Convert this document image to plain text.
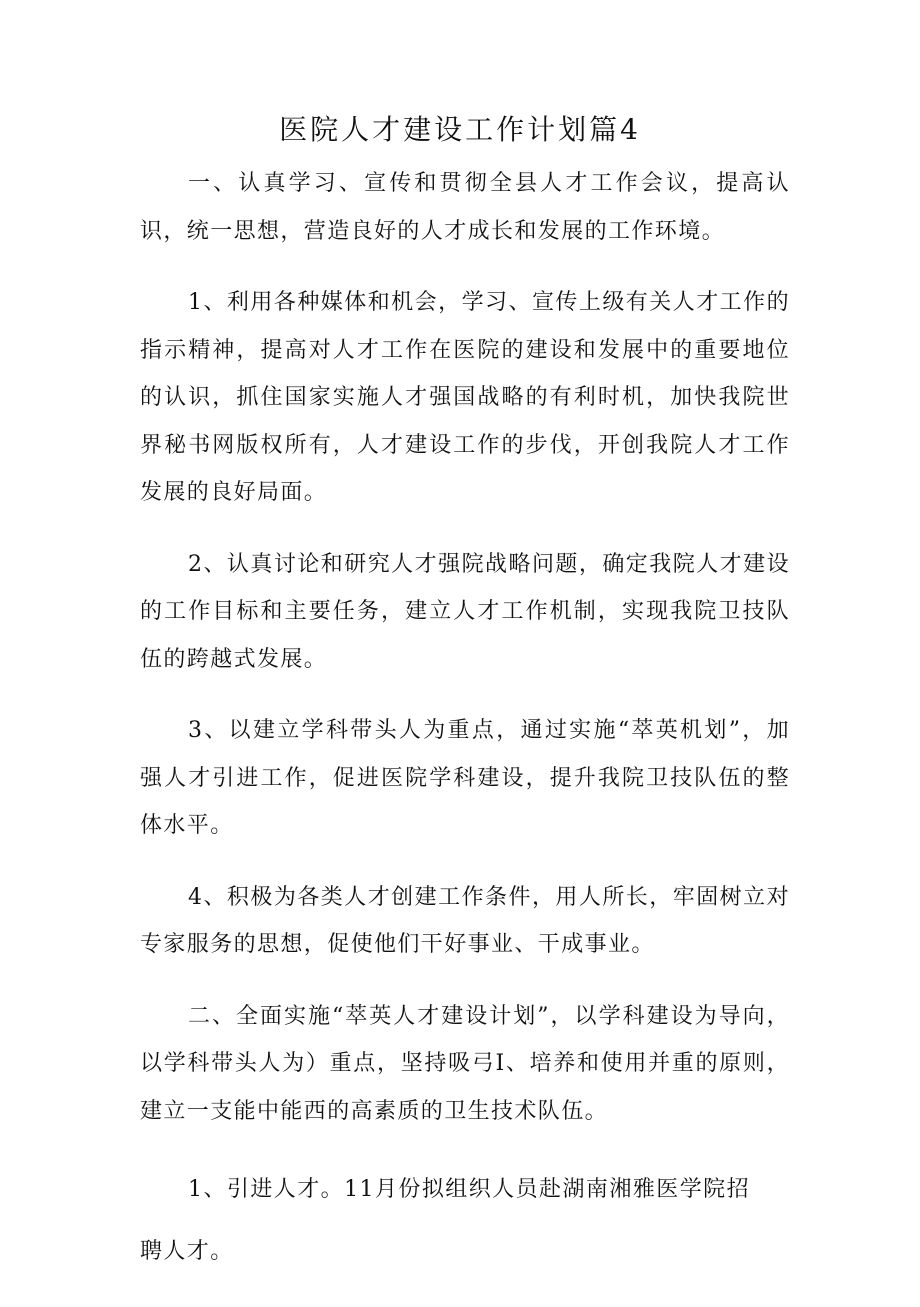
医院人才建设工作计划篇4

一、认真学习、宣传和贯彻全县人才工作会议，提高认识，统一思想，营造良好的人才成长和发展的工作环境。

1、利用各种媒体和机会，学习、宣传上级有关人才工作的指示精神，提高对人才工作在医院的建设和发展中的重要地位的认识，抓住国家实施人才强国战略的有利时机，加快我院世界秘书网版权所有，人才建设工作的步伐，开创我院人才工作发展的良好局面。

2、认真讨论和研究人才强院战略问题，确定我院人才建设的工作目标和主要任务，建立人才工作机制，实现我院卫技队伍的跨越式发展。

3、以建立学科带头人为重点，通过实施“萃英机划”，加强人才引进工作，促进医院学科建设，提升我院卫技队伍的整体水平。

4、积极为各类人才创建工作条件，用人所长，牢固树立对专家服务的思想，促使他们干好事业、干成事业。

二、全面实施“萃英人才建设计划”，以学科建设为导向，以学科带头人为）重点，坚持吸弓I、培养和使用并重的原则，建立一支能中能西的高素质的卫生技术队伍。

1、引进人才。11月份拟组织人员赴湖南湘雅医学院招聘人才。
